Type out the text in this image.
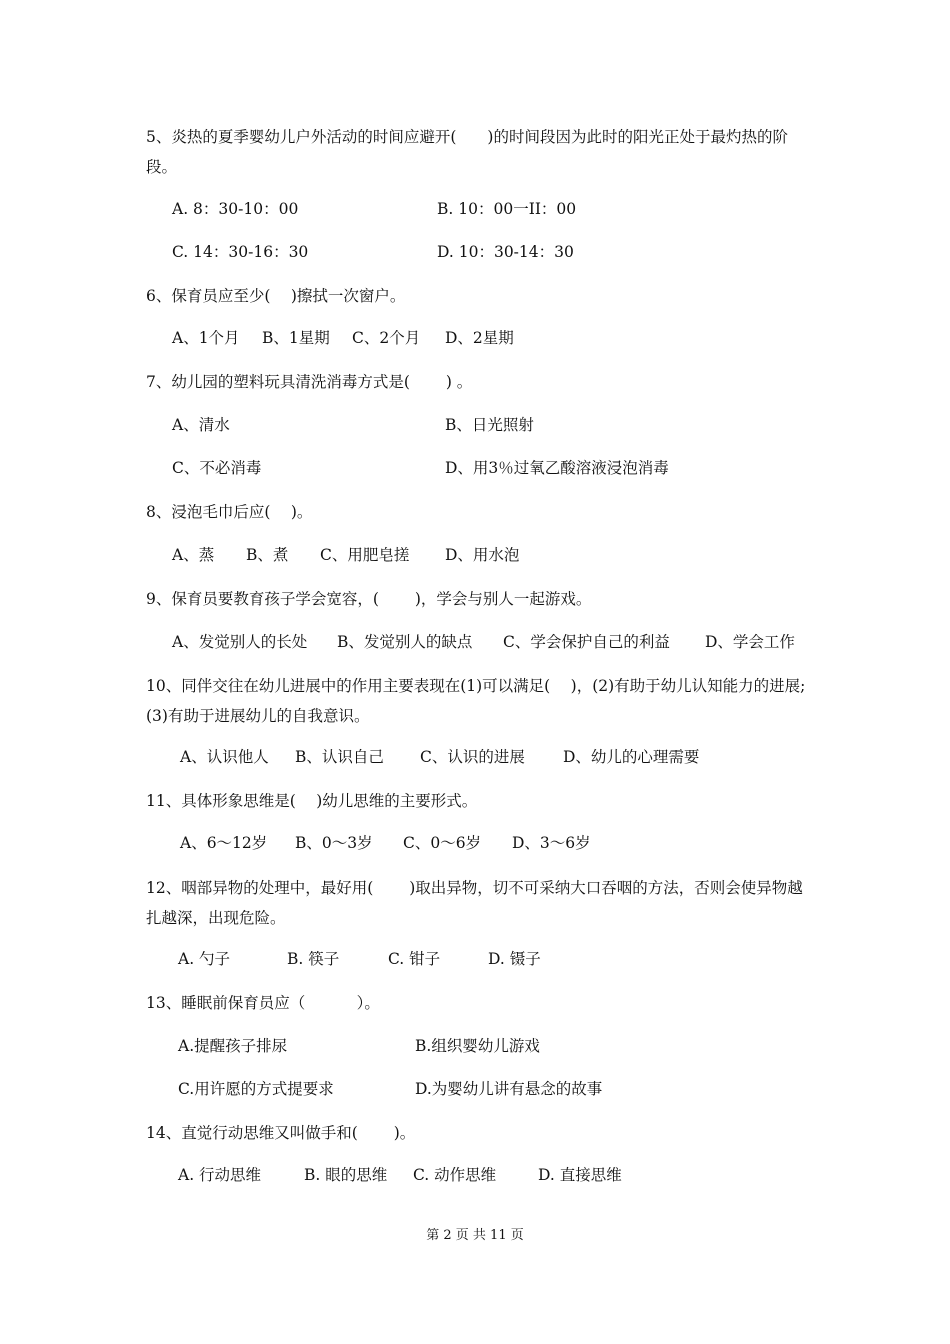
5、炎热的夏季婴幼儿户外活动的时间应避开(　　)的时间段因为此时的阳光正处于最灼热的阶段。

A. 8：30-10：00	B. 10：00一II：00
C. 14：30-16：30	D. 10：30-14：30

6、保育员应至少(　 )擦拭一次窗户。

A、1个月 B、1星期 C、2个月 D、2星期

7、幼儿园的塑料玩具清洗消毒方式是(　　 ) 。

A、清水	B、日光照射
C、不必消毒	D、用3％过氧乙酸溶液浸泡消毒

8、浸泡毛巾后应(　 )。

A、蒸 B、煮 C、用肥皂搓 D、用水泡

9、保育员要教育孩子学会宽容，(　　 )，学会与别人一起游戏。

A、发觉别人的长处 B、发觉别人的缺点 C、学会保护自己的利益 D、学会工作

10、同伴交往在幼儿进展中的作用主要表现在(1)可以满足(　 )，(2)有助于幼儿认知能力的进展;(3)有助于进展幼儿的自我意识。

A、认识他人 B、认识自己 C、认识的进展 D、幼儿的心理需要

11、具体形象思维是(　 )幼儿思维的主要形式。

A、6～12岁 B、0～3岁 C、0～6岁 D、3～6岁

12、咽部异物的处理中，最好用(　　 )取出异物，切不可采纳大口吞咽的方法，否则会使异物越扎越深，出现危险。

A. 勺子	B. 筷子	C. 钳子	D. 镊子

13、睡眠前保育员应（　　　 ）。

A.提醒孩子排尿	B.组织婴幼儿游戏
C.用许愿的方式提要求	D.为婴幼儿讲有悬念的故事

14、直觉行动思维又叫做手和(　　 )。

A. 行动思维	B. 眼的思维 C. 动作思维	D. 直接思维
第 2 页 共 11 页
